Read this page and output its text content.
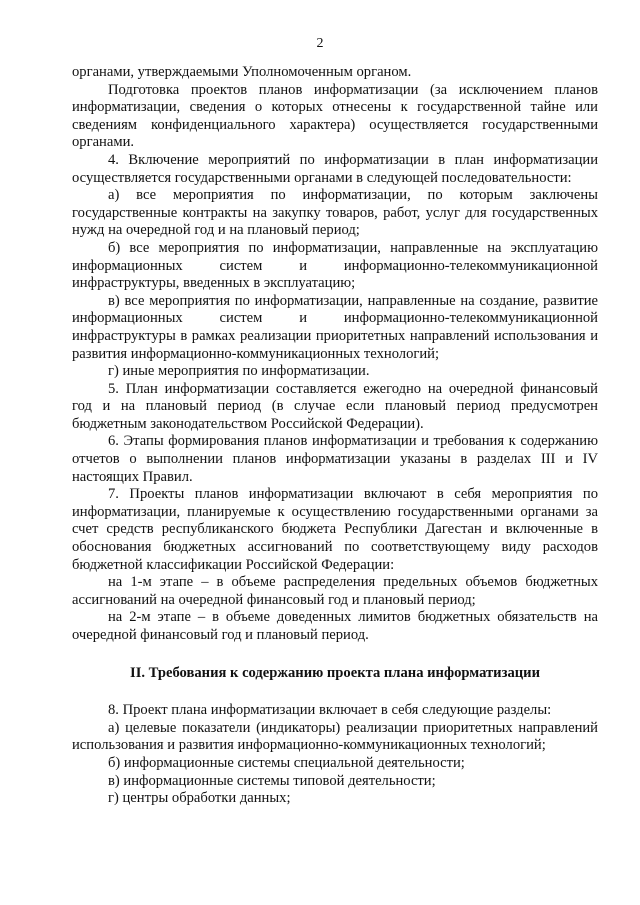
2

органами, утверждаемыми Уполномоченным органом.

Подготовка проектов планов информатизации (за исключением планов информатизации, сведения о которых отнесены к государственной тайне или сведениям конфиденциального характера) осуществляется государственными органами.

4. Включение мероприятий по информатизации в план информатизации осуществляется государственными органами в следующей последовательности:

а) все мероприятия по информатизации, по которым заключены государственные контракты на закупку товаров, работ, услуг для государственных нужд на очередной год и на плановый период;

б) все мероприятия по информатизации, направленные на эксплуатацию информационных систем и информационно-телекоммуникационной инфраструктуры, введенных в эксплуатацию;

в) все мероприятия по информатизации, направленные на создание, развитие информационных систем и информационно-телекоммуникационной инфраструктуры в рамках реализации приоритетных направлений использования и развития информационно-коммуникационных технологий;

г) иные мероприятия по информатизации.

5. План информатизации составляется ежегодно на очередной финансовый год и на плановый период (в случае если плановый период предусмотрен бюджетным законодательством Российской Федерации).

6. Этапы формирования планов информатизации и требования к содержанию отчетов о выполнении планов информатизации указаны в разделах III и IV настоящих Правил.

7. Проекты планов информатизации включают в себя мероприятия по информатизации, планируемые к осуществлению государственными органами за счет средств республиканского бюджета Республики Дагестан и включенные в обоснования бюджетных ассигнований по соответствующему виду расходов бюджетной классификации Российской Федерации:

на 1-м этапе – в объеме распределения предельных объемов бюджетных ассигнований на очередной финансовый год и плановый период;

на 2-м этапе – в объеме доведенных лимитов бюджетных обязательств на очередной финансовый год и плановый период.

II. Требования к содержанию проекта плана информатизации

8. Проект плана информатизации включает в себя следующие разделы:

а) целевые показатели (индикаторы) реализации приоритетных направлений использования и развития информационно-коммуникационных технологий;

б) информационные системы специальной деятельности;

в) информационные системы типовой деятельности;

г) центры обработки данных;
